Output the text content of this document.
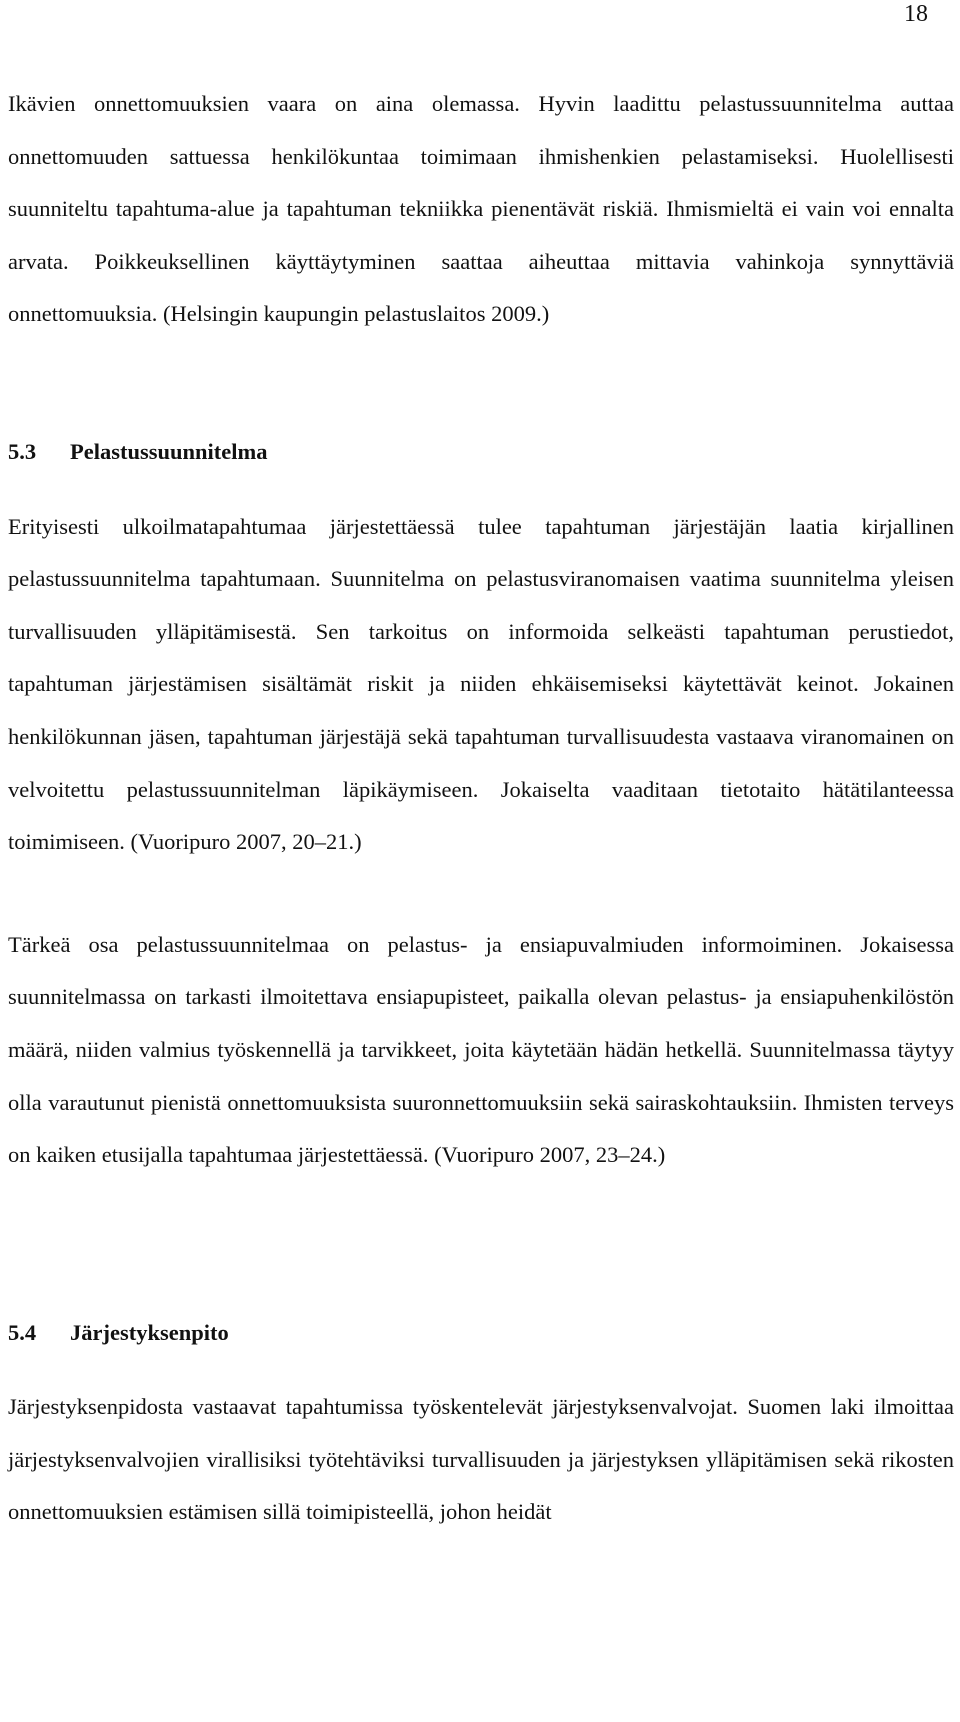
18

Ikävien onnettomuuksien vaara on aina olemassa. Hyvin laadittu pelastussuunnitelma auttaa onnettomuuden sattuessa henkilökuntaa toimimaan ihmishenkien pelastamiseksi. Huolellisesti suunniteltu tapahtuma-alue ja tapahtuman tekniikka pienentävät riskiä. Ihmismieltä ei vain voi ennalta arvata. Poikkeuksellinen käyttäytyminen saattaa aiheuttaa mittavia vahinkoja synnyttäviä onnettomuuksia. (Helsingin kaupungin pelastuslaitos 2009.)

5.3	Pelastussuunnitelma

Erityisesti ulkoilmatapahtumaa järjestettäessä tulee tapahtuman järjestäjän laatia kirjallinen pelastussuunnitelma tapahtumaan. Suunnitelma on pelastusviranomaisen vaatima suunnitelma yleisen turvallisuuden ylläpitämisestä. Sen tarkoitus on informoida selkeästi tapahtuman perustiedot, tapahtuman järjestämisen sisältämät riskit ja niiden ehkäisemiseksi käytettävät keinot. Jokainen henkilökunnan jäsen, tapahtuman järjestäjä sekä tapahtuman turvallisuudesta vastaava viranomainen on velvoitettu pelastussuunnitelman läpikäymiseen. Jokaiselta vaaditaan tietotaito hätätilanteessa toimimiseen. (Vuoripuro 2007, 20–21.)

Tärkeä osa pelastussuunnitelmaa on pelastus- ja ensiapuvalmiuden informoiminen. Jokaisessa suunnitelmassa on tarkasti ilmoitettava ensiapupisteet, paikalla olevan pelastus- ja ensiapuhenkilöstön määrä, niiden valmius työskennellä ja tarvikkeet, joita käytetään hädän hetkellä. Suunnitelmassa täytyy olla varautunut pienistä onnettomuuksista suuronnettomuuksiin sekä sairaskohtauksiin. Ihmisten terveys on kaiken etusijalla tapahtumaa järjestettäessä. (Vuoripuro 2007, 23–24.)

5.4	Järjestyksenpito

Järjestyksenpidosta vastaavat tapahtumissa työskentelevät järjestyksenvalvojat. Suomen laki ilmoittaa järjestyksenvalvojien virallisiksi työtehtäviksi turvallisuuden ja järjestyksen ylläpitämisen sekä rikosten onnettomuuksien estämisen sillä toimipisteellä, johon heidät
